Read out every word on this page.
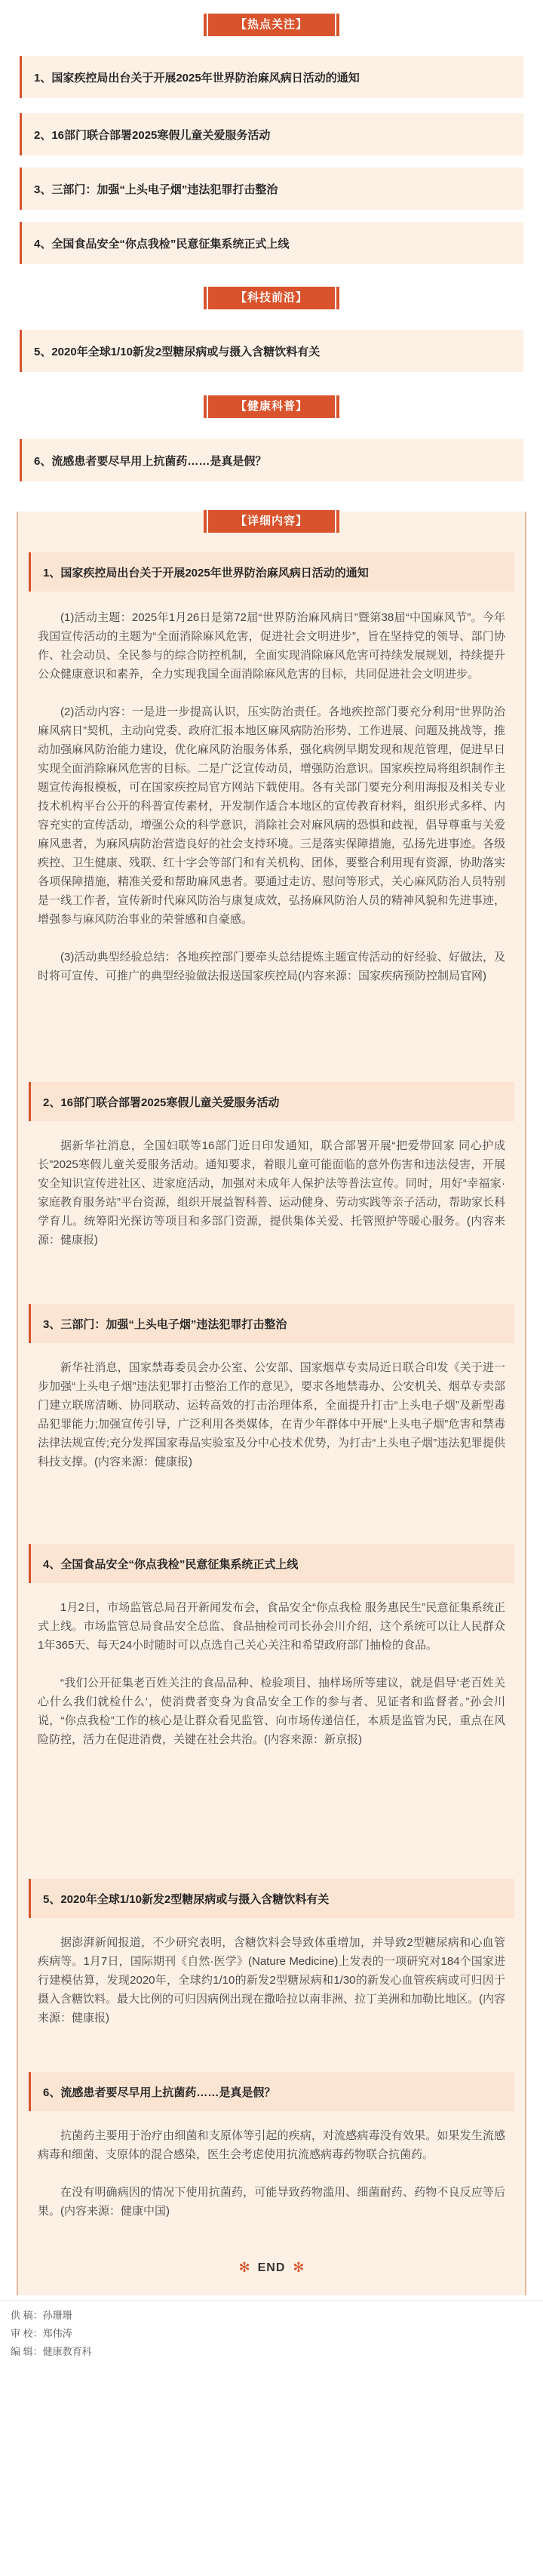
【热点关注】
1、国家疾控局出台关于开展2025年世界防治麻风病日活动的通知
2、16部门联合部署2025寒假儿童关爱服务活动
3、三部门：加强“上头电子烟”违法犯罪打击整治
4、全国食品安全“你点我检”民意征集系统正式上线
【科技前沿】
5、2020年全球1/10新发2型糖尿病或与摄入含糖饮料有关
【健康科普】
6、流感患者要尽早用上抗菌药……是真是假？
【详细内容】
1、国家疾控局出台关于开展2025年世界防治麻风病日活动的通知

(1)活动主题：2025年1月26日是第72届“世界防治麻风病日”暨第38届“中国麻风节”。今年我国宣传活动的主题为“全面消除麻风危害，促进社会文明进步”，旨在坚持党的领导、部门协作、社会动员、全民参与的综合防控机制，全面实现消除麻风危害可持续发展规划，持续提升公众健康意识和素养，全力实现我国全面消除麻风危害的目标，共同促进社会文明进步。

(2)活动内容：一是进一步提高认识，压实防治责任。各地疾控部门要充分利用“世界防治麻风病日”契机，主动向党委、政府汇报本地区麻风病防治形势、工作进展、问题及挑战等，推动加强麻风防治能力建设，优化麻风防治服务体系，强化病例早期发现和规范管理，促进早日实现全面消除麻风危害的目标。二是广泛宣传动员，增强防治意识。国家疾控局将组织制作主题宣传海报模板，可在国家疾控局官方网站下载使用。各有关部门要充分利用海报及相关专业技术机构平台公开的科普宣传素材，开发制作适合本地区的宣传教育材料，组织形式多样、内容充实的宣传活动，增强公众的科学意识，消除社会对麻风病的恐惧和歧视，倡导尊重与关爱麻风患者，为麻风病防治营造良好的社会支持环境。三是落实保障措施，弘扬先进事迹。各级疾控、卫生健康、残联、红十字会等部门和有关机构、团体，要整合利用现有资源，协助落实各项保障措施，精准关爱和帮助麻风患者。要通过走访、慰问等形式，关心麻风防治人员特别是一线工作者，宣传新时代麻风防治与康复成效，弘扬麻风防治人员的精神风貌和先进事迹，增强参与麻风防治事业的荣誉感和自豪感。

(3)活动典型经验总结：各地疾控部门要牵头总结提炼主题宣传活动的好经验、好做法，及时将可宣传、可推广的典型经验做法报送国家疾控局(内容来源：国家疾病预防控制局官网)

2、16部门联合部署2025寒假儿童关爱服务活动

据新华社消息，全国妇联等16部门近日印发通知，联合部署开展“把爱带回家 同心护成长”2025寒假儿童关爱服务活动。通知要求，着眼儿童可能面临的意外伤害和违法侵害，开展安全知识宣传进社区、进家庭活动，加强对未成年人保护法等普法宣传。同时，用好“幸福家·家庭教育服务站”平台资源，组织开展益智科普、运动健身、劳动实践等亲子活动，帮助家长科学育儿。统筹阳光探访等项目和多部门资源，提供集体关爱、托管照护等暖心服务。(内容来源：健康报)

3、三部门：加强“上头电子烟”违法犯罪打击整治

新华社消息，国家禁毒委员会办公室、公安部、国家烟草专卖局近日联合印发《关于进一步加强“上头电子烟”违法犯罪打击整治工作的意见》，要求各地禁毒办、公安机关、烟草专卖部门建立联席清晰、协同联动、运转高效的打击治理体系，全面提升打击“上头电子烟”及新型毒品犯罪能力;加强宣传引导，广泛利用各类媒体，在青少年群体中开展“上头电子烟”危害和禁毒法律法规宣传;充分发挥国家毒品实验室及分中心技术优势，为打击“上头电子烟”违法犯罪提供科技支撑。(内容来源：健康报)

4、全国食品安全“你点我检”民意征集系统正式上线

1月2日，市场监管总局召开新闻发布会，食品安全“你点我检 服务惠民生”民意征集系统正式上线。市场监管总局食品安全总监、食品抽检司司长孙会川介绍，这个系统可以让人民群众1年365天、每天24小时随时可以点选自己关心关注和希望政府部门抽检的食品。

“我们公开征集老百姓关注的食品品种、检验项目、抽样场所等建议，就是倡导‘老百姓关心什么我们就检什么’，使消费者变身为食品安全工作的参与者、见证者和监督者。”孙会川说，“你点我检”工作的核心是让群众看见监管、向市场传递信任，本质是监管为民，重点在风险防控，活力在促进消费，关键在社会共治。(内容来源：新京报)

5、2020年全球1/10新发2型糖尿病或与摄入含糖饮料有关

据澎湃新闻报道，不少研究表明，含糖饮料会导致体重增加，并导致2型糖尿病和心血管疾病等。1月7日，国际期刊《自然·医学》(Nature Medicine)上发表的一项研究对184个国家进行建模估算，发现2020年，全球约1/10的新发2型糖尿病和1/30的新发心血管疾病或可归因于摄入含糖饮料。最大比例的可归因病例出现在撒哈拉以南非洲、拉丁美洲和加勒比地区。(内容来源：健康报)

6、流感患者要尽早用上抗菌药……是真是假？

抗菌药主要用于治疗由细菌和支原体等引起的疾病，对流感病毒没有效果。如果发生流感病毒和细菌、支原体的混合感染，医生会考虑使用抗流感病毒药物联合抗菌药。

在没有明确病因的情况下使用抗菌药，可能导致药物滥用、细菌耐药、药物不良反应等后果。(内容来源：健康中国)

✻ END ✻
供 稿： 孙珊珊
审 校： 郑伟涛
编 辑： 健康教育科
